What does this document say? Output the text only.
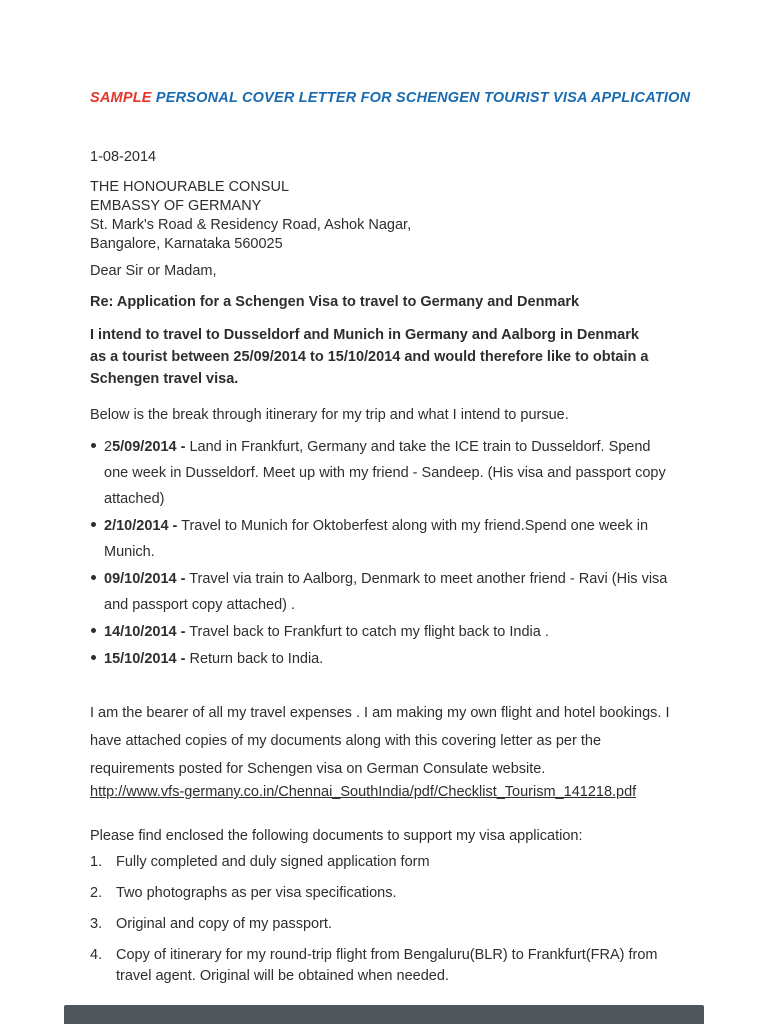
SAMPLE PERSONAL COVER LETTER FOR SCHENGEN TOURIST VISA APPLICATION
1-08-2014
THE HONOURABLE CONSUL
EMBASSY OF GERMANY
St. Mark's Road & Residency Road, Ashok Nagar,
Bangalore, Karnataka 560025
Dear Sir or Madam,
Re: Application for a Schengen Visa to travel to Germany and Denmark
I intend to travel to Dusseldorf and Munich in Germany and Aalborg in Denmark as a tourist between 25/09/2014 to 15/10/2014 and would therefore like to obtain a Schengen travel visa.
Below is the break through itinerary for my trip and what I intend to pursue.
25/09/2014 - Land in Frankfurt, Germany and take the ICE train to Dusseldorf. Spend one week in Dusseldorf. Meet up with my friend - Sandeep. (His visa and passport copy attached)
2/10/2014 - Travel to Munich for Oktoberfest along with my friend.Spend one week in Munich.
09/10/2014 - Travel via train to Aalborg, Denmark to meet another friend - Ravi (His visa and passport copy attached) .
14/10/2014 - Travel back to Frankfurt to catch my flight back to India .
15/10/2014 - Return back to India.
I am the bearer of all my travel expenses . I am making my own flight and hotel bookings. I have attached copies of my documents along with this covering letter as per the requirements posted for Schengen visa on German Consulate website.
http://www.vfs-germany.co.in/Chennai_SouthIndia/pdf/Checklist_Tourism_141218.pdf
Please find enclosed the following documents to support my visa application:
1. Fully completed and duly signed application form
2. Two photographs as per visa specifications.
3. Original and copy of my passport.
4. Copy of itinerary for my round-trip flight from Bengaluru(BLR) to Frankfurt(FRA) from travel agent. Original will be obtained when needed.
